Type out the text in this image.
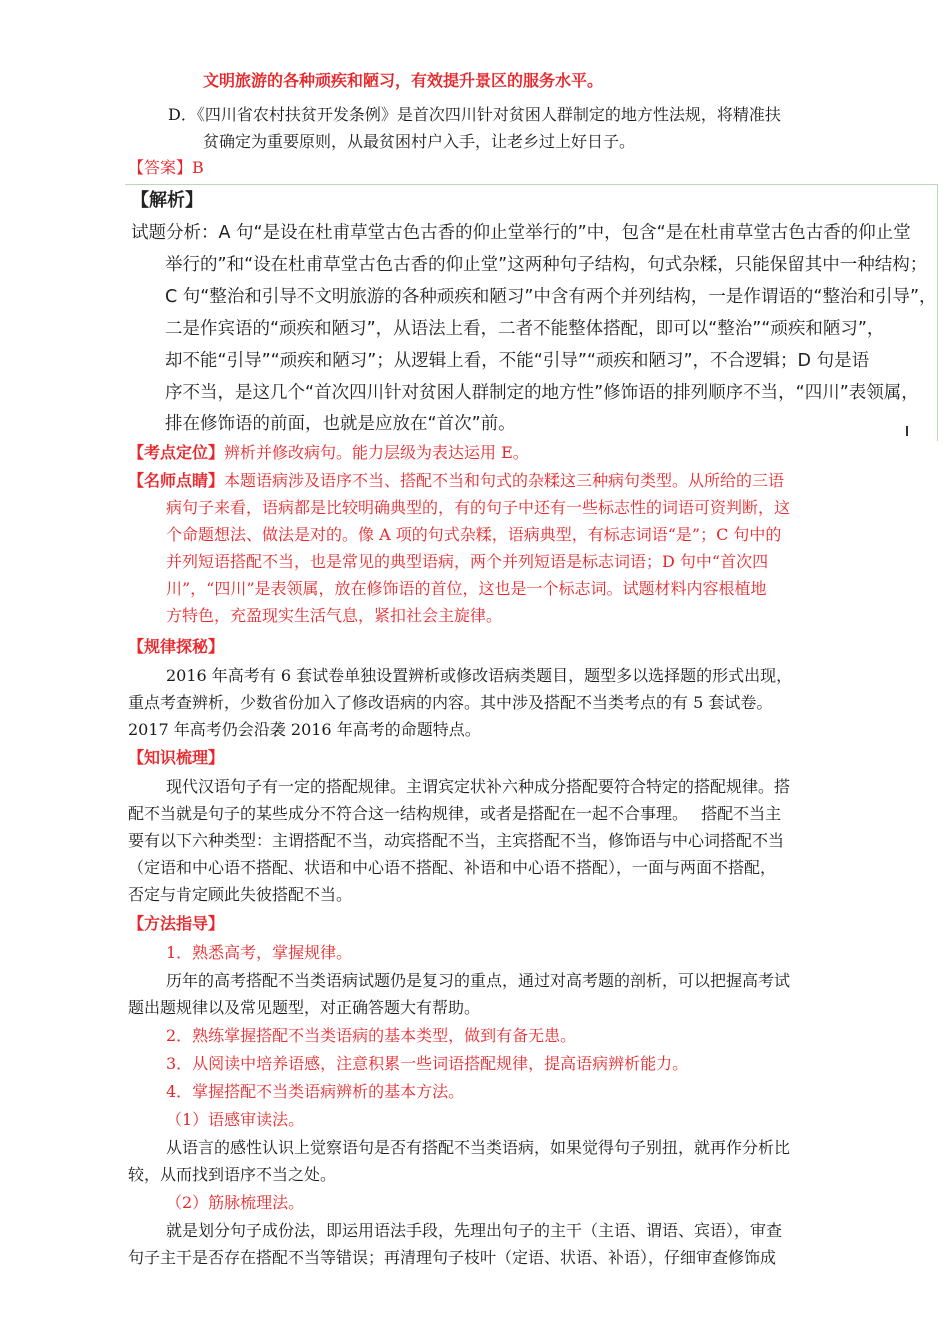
文明旅游的各种顽疾和陋习，有效提升景区的服务水平。
D．《四川省农村扶贫开发条例》是首次四川针对贫困人群制定的地方性法规，将精准扶
贫确定为重要原则，从最贫困村户入手，让老乡过上好日子。
【答案】B
【解析】
试题分析：A 句“是设在杜甫草堂古色古香的仰止堂举行的”中，包含“是在杜甫草堂古色古香的仰止堂
举行的”和“设在杜甫草堂古色古香的仰止堂”这两种句子结构，句式杂糅，只能保留其中一种结构；
C 句“整治和引导不文明旅游的各种顽疾和陋习”中含有两个并列结构，一是作谓语的“整治和引导”，
二是作宾语的“顽疾和陋习”，从语法上看，二者不能整体搭配，即可以“整治”“顽疾和陋习”，
却不能“引导”“顽疾和陋习”；从逻辑上看，不能“引导”“顽疾和陋习”，不合逻辑；D 句是语
序不当，是这几个“首次四川针对贫困人群制定的地方性”修饰语的排列顺序不当，“四川”表领属，
排在修饰语的前面，也就是应放在“首次”前。
【考点定位】辨析并修改病句。能力层级为表达运用 E。
【名师点睛】本题语病涉及语序不当、搭配不当和句式的杂糅这三种病句类型。从所给的三语
病句子来看，语病都是比较明确典型的，有的句子中还有一些标志性的词语可资判断，这
个命题想法、做法是对的。像 A 项的句式杂糅，语病典型，有标志词语“是”；C 句中的
并列短语搭配不当，也是常见的典型语病，两个并列短语是标志词语；D 句中“首次四
川”，“四川”是表领属，放在修饰语的首位，这也是一个标志词。试题材料内容根植地
方特色，充盈现实生活气息，紧扣社会主旋律。
【规律探秘】
2016 年高考有 6 套试卷单独设置辨析或修改语病类题目，题型多以选择题的形式出现，
重点考查辨析，少数省份加入了修改语病的内容。其中涉及搭配不当类考点的有 5 套试卷。
2017 年高考仍会沿袭 2016 年高考的命题特点。
【知识梳理】
现代汉语句子有一定的搭配规律。主谓宾定状补六种成分搭配要符合特定的搭配规律。搭
配不当就是句子的某些成分不符合这一结构规律，或者是搭配在一起不合事理。　 搭配不当主
要有以下六种类型：主谓搭配不当，动宾搭配不当，主宾搭配不当，修饰语与中心词搭配不当
（定语和中心语不搭配、状语和中心语不搭配、补语和中心语不搭配），一面与两面不搭配，
否定与肯定顾此失彼搭配不当。
【方法指导】
1．熟悉高考，掌握规律。
历年的高考搭配不当类语病试题仍是复习的重点，通过对高考题的剖析，可以把握高考试
题出题规律以及常见题型，对正确答题大有帮助。
2．熟练掌握搭配不当类语病的基本类型，做到有备无患。
3．从阅读中培养语感，注意积累一些词语搭配规律，提高语病辨析能力。
4．掌握搭配不当类语病辨析的基本方法。
（1）语感审读法。
从语言的感性认识上觉察语句是否有搭配不当类语病，如果觉得句子别扭，就再作分析比
较，从而找到语序不当之处。
（2）筋脉梳理法。
就是划分句子成份法，即运用语法手段，先理出句子的主干（主语、谓语、宾语），审查
句子主干是否存在搭配不当等错误；再清理句子枝叶（定语、状语、补语），仔细审查修饰成
